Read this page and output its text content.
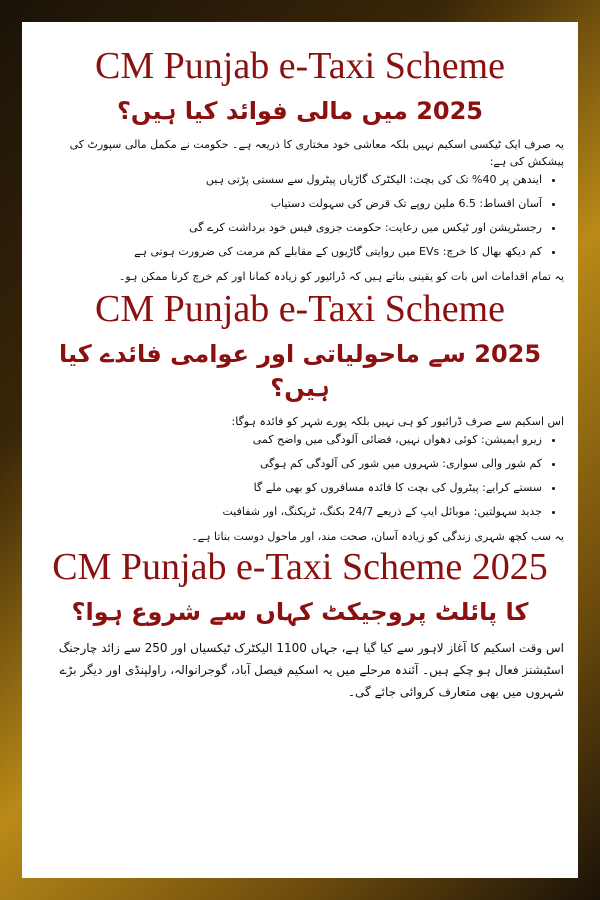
CM Punjab e-Taxi Scheme
2025 میں مالی فوائد کیا ہیں؟

یہ صرف ایک ٹیکسی اسکیم نہیں بلکہ معاشی خود مختاری کا ذریعہ ہے۔ حکومت نے مکمل مالی سپورٹ کی پیشکش کی ہے:

• ایندھن پر 40% تک کی بچت: الیکٹرک گاڑیاں پیٹرول سے سستی پڑتی ہیں
• آسان اقساط: 6.5 ملین روپے تک قرض کی سہولت دستیاب
• رجسٹریشن اور ٹیکس میں رعایت: حکومت جزوی فیس خود برداشت کرے گی
• کم دیکھ بھال کا خرچ: EVs میں روایتی گاڑیوں کے مقابلے کم مرمت کی ضرورت ہوتی ہے

یہ تمام اقدامات اس بات کو یقینی بناتے ہیں کہ ڈرائیور کو زیادہ کمانا اور کم خرچ کرنا ممکن ہو۔

CM Punjab e-Taxi Scheme
2025 سے ماحولیاتی اور عوامی فائدے کیا ہیں؟

اس اسکیم سے صرف ڈرائیور کو ہی نہیں بلکہ پورے شہر کو فائدہ ہوگا:

• زیرو ایمیشن: کوئی دھواں نہیں، فضائی آلودگی میں واضح کمی
• کم شور والی سواری: شہروں میں شور کی آلودگی کم ہوگی
• سستے کرایے: پیٹرول کی بچت کا فائدہ مسافروں کو بھی ملے گا
• جدید سہولتیں: موبائل ایپ کے ذریعے 24/7 بکنگ، ٹریکنگ، اور شفافیت

یہ سب کچھ شہری زندگی کو زیادہ آسان، صحت مند، اور ماحول دوست بناتا ہے۔

CM Punjab e-Taxi Scheme 2025
کا پائلٹ پروجیکٹ کہاں سے شروع ہوا؟

اس وقت اسکیم کا آغاز لاہور سے کیا گیا ہے، جہاں 1100 الیکٹرک ٹیکسیاں اور 250 سے زائد چارجنگ اسٹیشنز فعال ہو چکے ہیں۔ آئندہ مرحلے میں یہ اسکیم فیصل آباد، گوجرانوالہ، راولپنڈی اور دیگر بڑے شہروں میں بھی متعارف کروائی جائے گی۔
